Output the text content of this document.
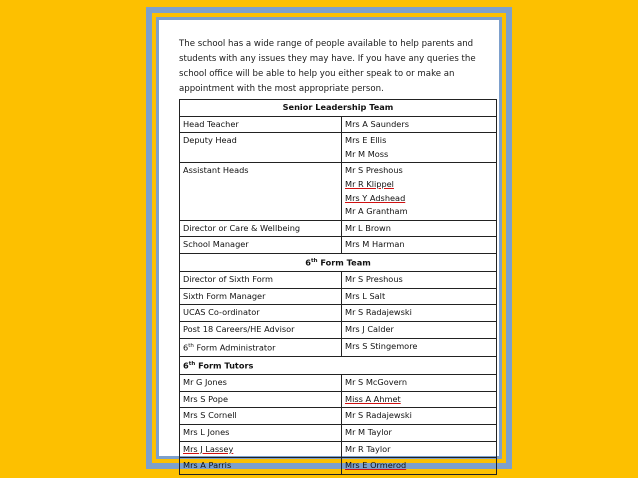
The school has a wide range of people available to help parents and
students with any issues they may have. If you have any queries the
school office will be able to help you either speak to or make an
appointment with the most appropriate person.
Senior Leadership Team	
Head Teacher	Mrs A Saunders
Deputy Head	Mrs E Ellis
Mr M Moss

Assistant Heads	Mr S Preshous
Mr R Klippel
Mrs Y Adshead
Mr A Grantham

Director or Care & Wellbeing	Mr L Brown
School Manager	Mrs M Harman
6th Form Team	
Director of Sixth Form	Mr S Preshous
Sixth Form Manager	Mrs L Salt
UCAS Co-ordinator	Mr S Radajewski
Post 18 Careers/HE Advisor	Mrs J Calder
6th Form Administrator	Mrs S Stingemore
6th Form Tutors	
Mr G Jones	Mr S McGovern
Mrs S Pope	Miss A Ahmet
Mrs S Cornell	Mr S Radajewski
Mrs L Jones	Mr M Taylor
Mrs J Lassey	Mr R Taylor
Mrs A Parris	Mrs E Ormerod
